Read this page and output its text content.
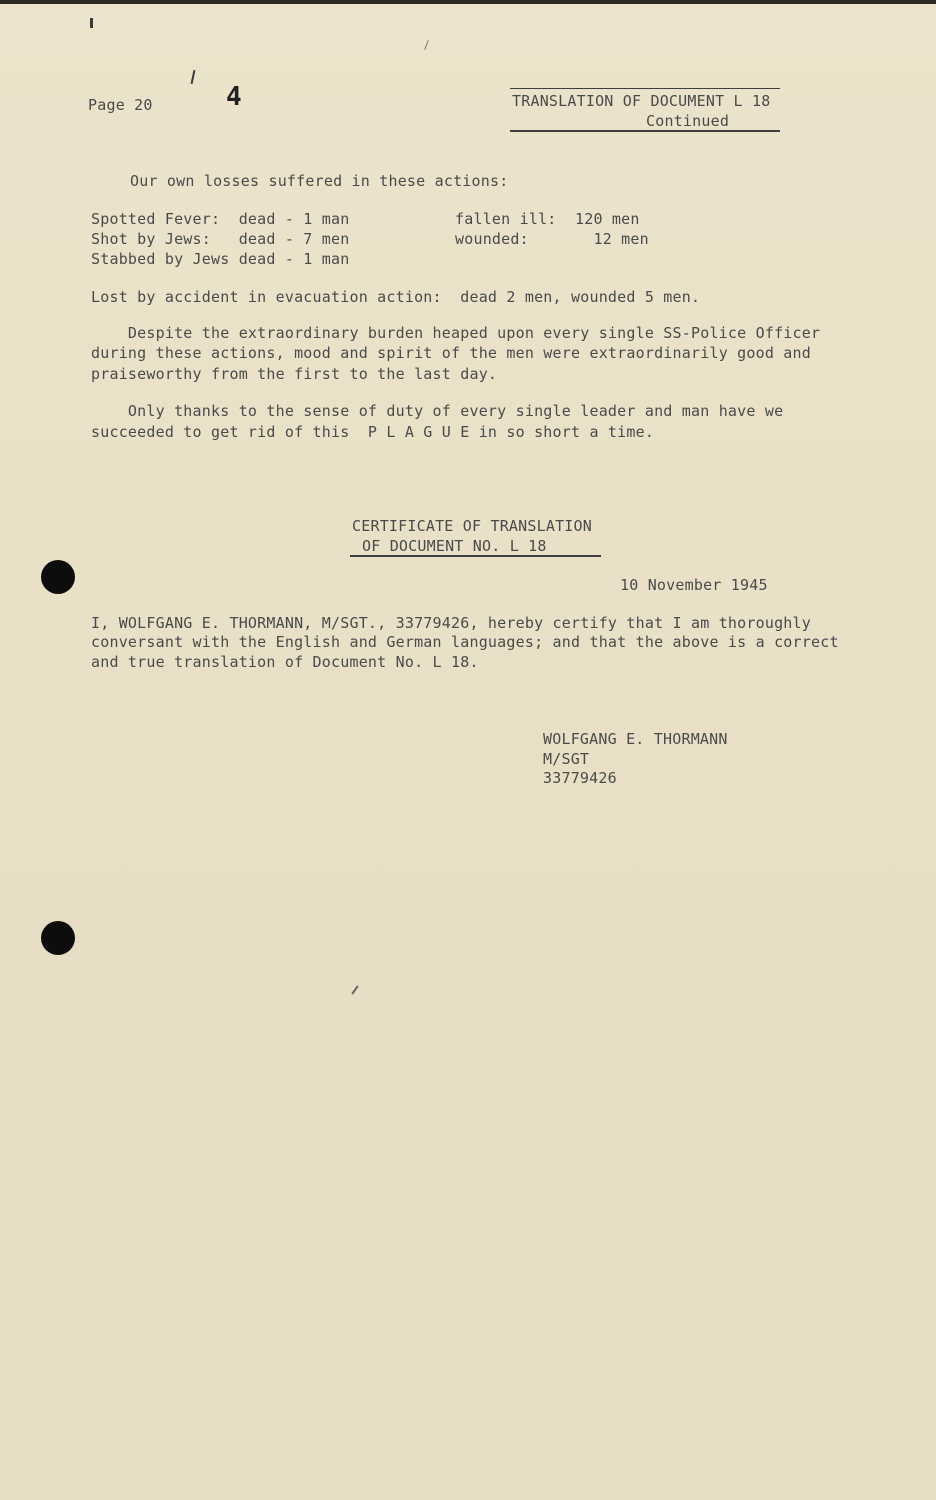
Page 20	4	TRANSLATION OF DOCUMENT L 18
Continued
Our own losses suffered in these actions:
Spotted Fever:  dead - 1 man	fallen ill:  120 men
Shot by Jews:   dead - 7 men	wounded:       12 men
Stabbed by Jews dead - 1 man
Lost by accident in evacuation action:  dead 2 men, wounded 5 men.
Despite the extraordinary burden heaped upon every single SS-Police Officer
during these actions, mood and spirit of the men were extraordinarily good and
praiseworthy from the first to the last day.
Only thanks to the sense of duty of every single leader and man have we
succeeded to get rid of this  P L A G U E in so short a time.
CERTIFICATE OF TRANSLATION
OF DOCUMENT NO. L 18
10 November 1945
I, WOLFGANG E. THORMANN, M/SGT., 33779426, hereby certify that I am thoroughly
conversant with the English and German languages; and that the above is a correct
and true translation of Document No. L 18.
WOLFGANG E. THORMANN
M/SGT
33779426
